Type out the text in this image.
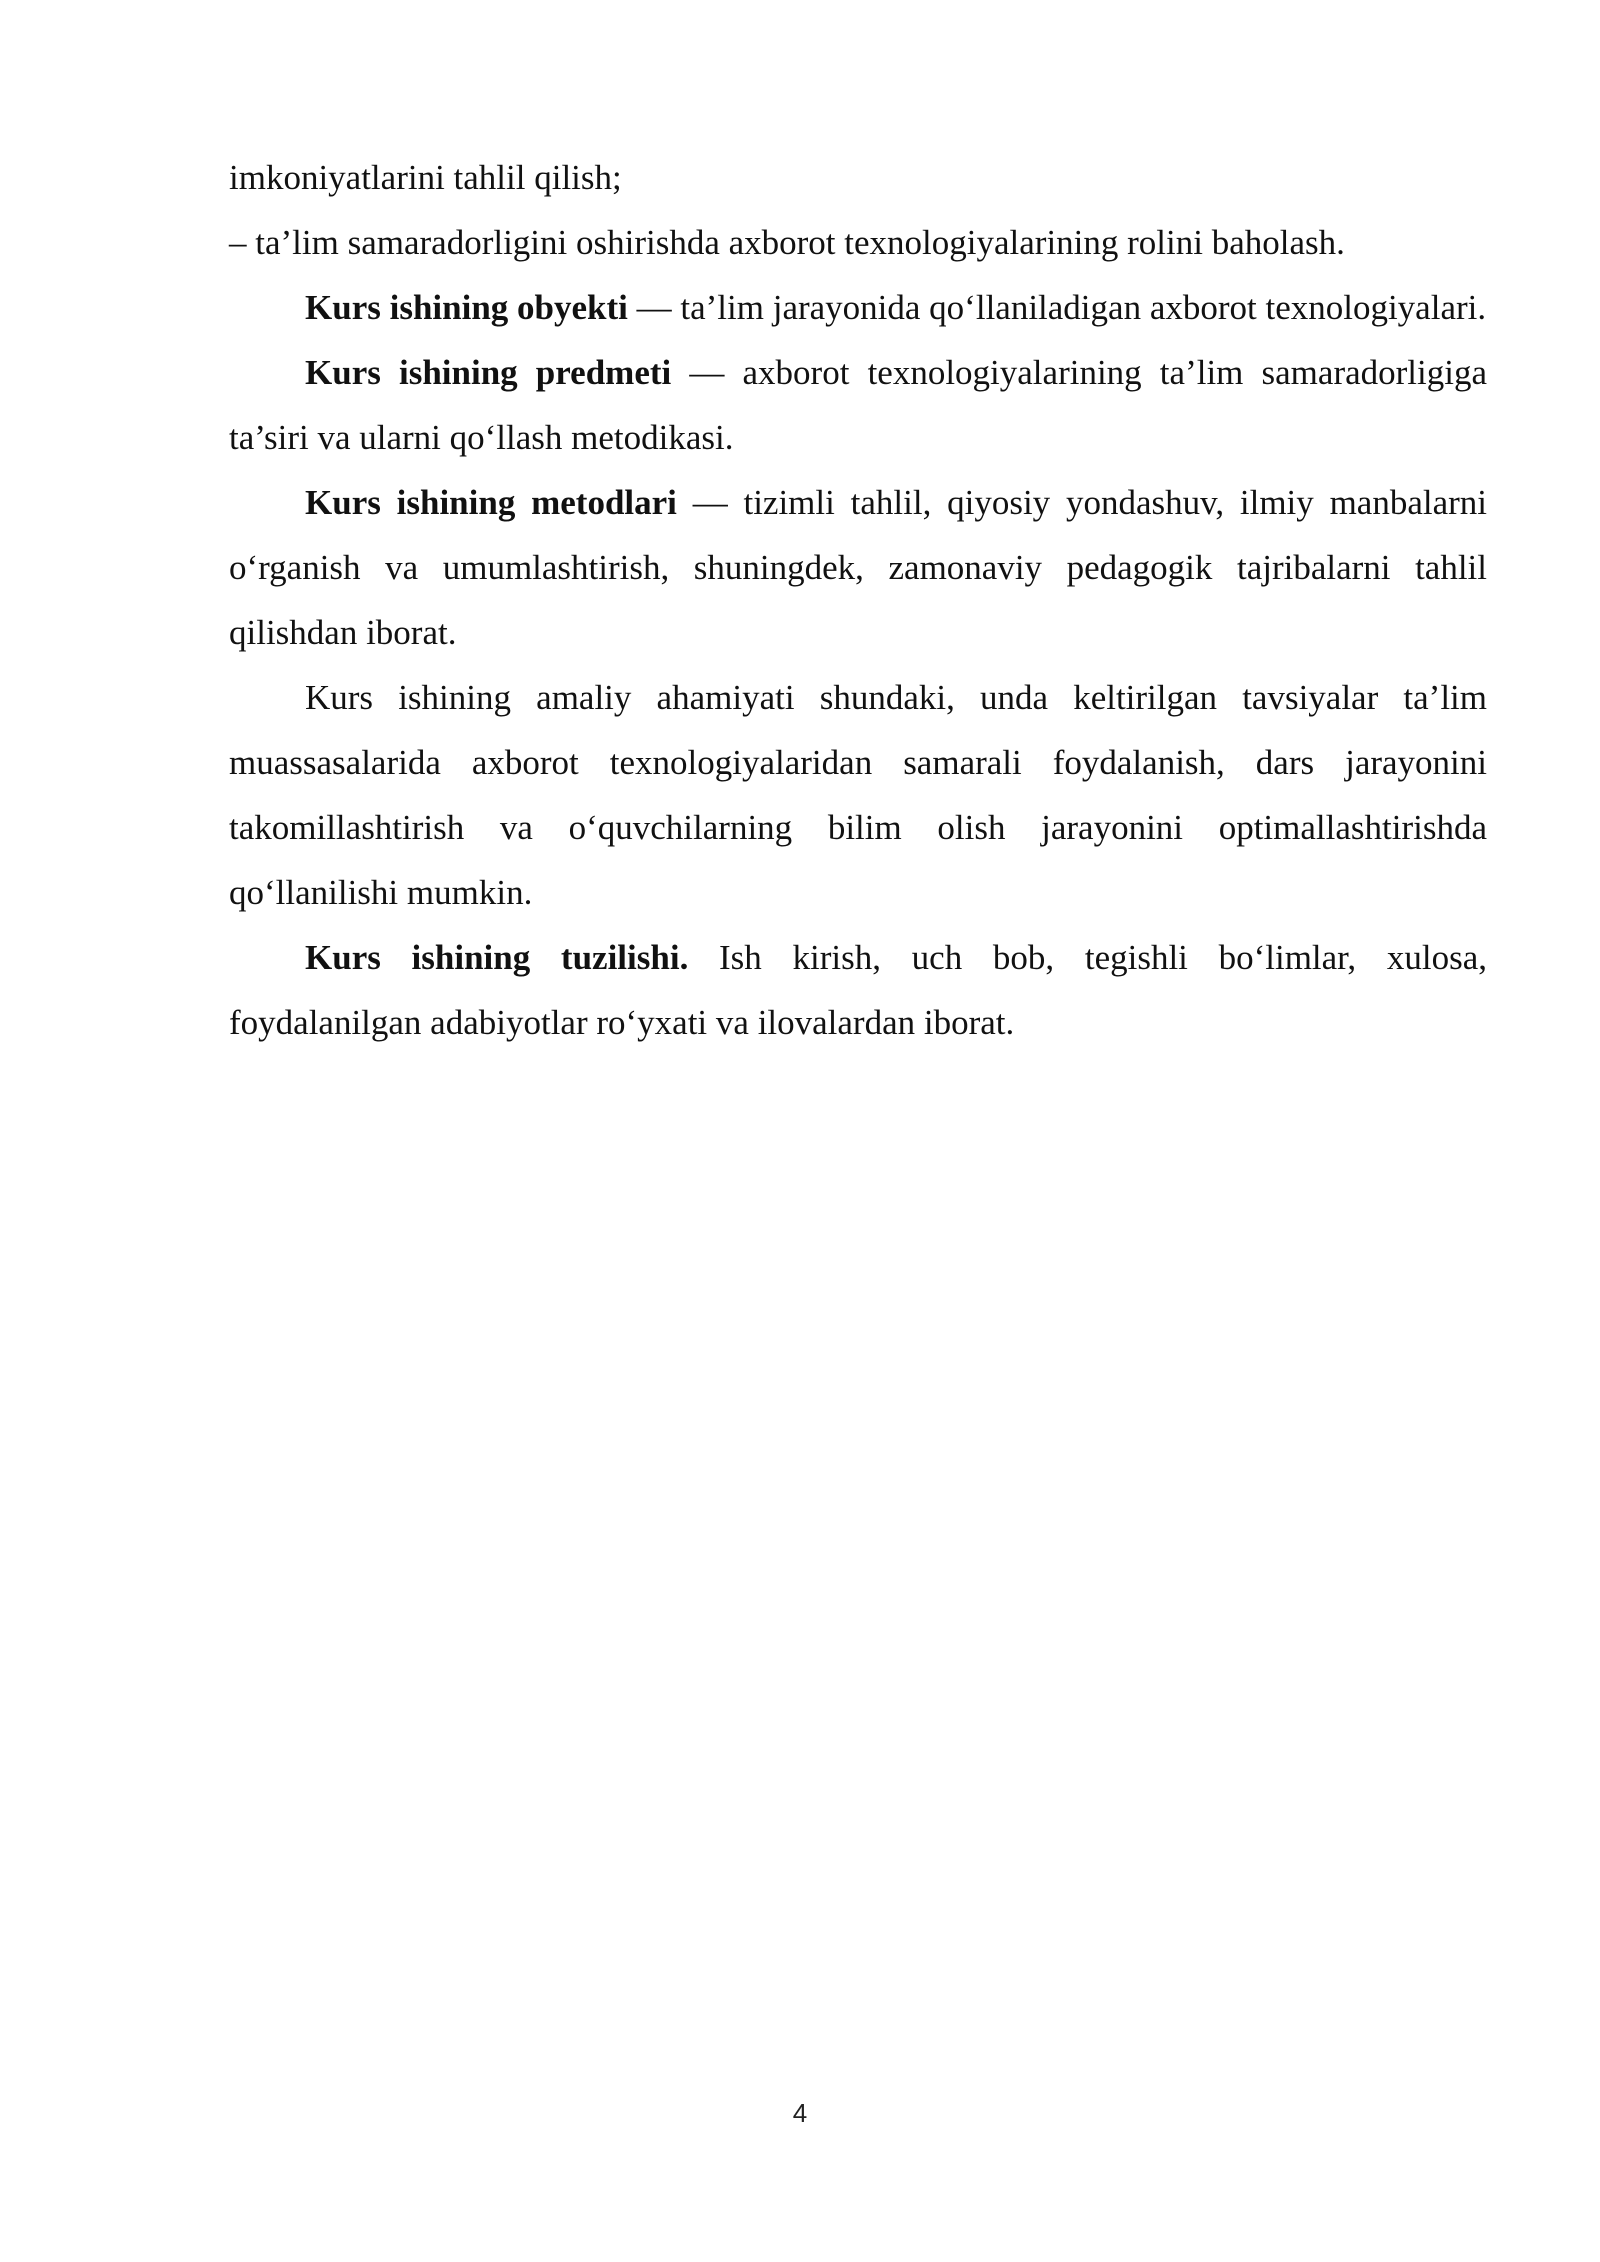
imkoniyatlarini tahlil qilish;

– ta’lim samaradorligini oshirishda axborot texnologiyalarining rolini baholash.

Kurs ishining obyekti — ta’lim jarayonida qo‘llaniladigan axborot texnologiyalari.

Kurs ishining predmeti — axborot texnologiyalarining ta’lim samaradorligiga ta’siri va ularni qo‘llash metodikasi.

Kurs ishining metodlari — tizimli tahlil, qiyosiy yondashuv, ilmiy manbalarni o‘rganish va umumlashtirish, shuningdek, zamonaviy pedagogik tajribalarni tahlil qilishdan iborat.

Kurs ishining amaliy ahamiyati shundaki, unda keltirilgan tavsiyalar ta’lim muassasalarida axborot texnologiyalaridan samarali foydalanish, dars jarayonini takomillashtirish va o‘quvchilarning bilim olish jarayonini optimallashtirishda qo‘llanilishi mumkin.

Kurs ishining tuzilishi. Ish kirish, uch bob, tegishli bo‘limlar, xulosa, foydalanilgan adabiyotlar ro‘yxati va ilovalardan iborat.

4
